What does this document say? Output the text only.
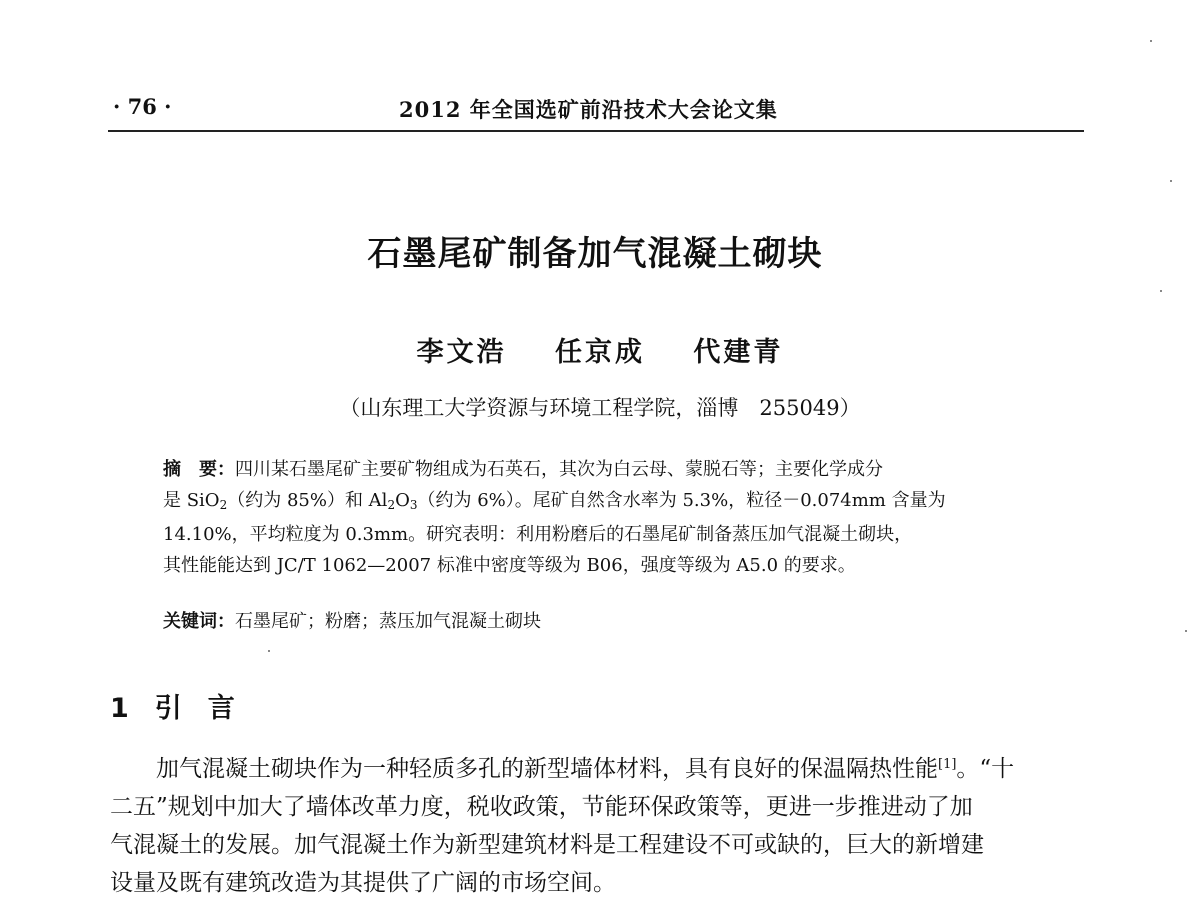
· 76 ·	2012 年全国选矿前沿技术大会论文集
石墨尾矿制备加气混凝土砌块
李文浩 任京成 代建青
（山东理工大学资源与环境工程学院，淄博　255049）
摘　要：四川某石墨尾矿主要矿物组成为石英石，其次为白云母、蒙脱石等；主要化学成分
是 SiO$_2$（约为 85%）和 $Al_2O_3$（约为 6%）。尾矿自然含水率为 5.3%，粒径－0.074mm 含量为
14.10%，平均粒度为 0.3mm。研究表明：利用粉磨后的石墨尾矿制备蒸压加气混凝土砌块，
其性能能达到 JC/T 1062—2007 标准中密度等级为 B06，强度等级为 A5.0 的要求。
关键词：石墨尾矿；粉磨；蒸压加气混凝土砌块
1 引言
加气混凝土砌块作为一种轻质多孔的新型墙体材料，具有良好的保温隔热性能[1]。“十
二五”规划中加大了墙体改革力度，税收政策，节能环保政策等，更进一步推进动了加
气混凝土的发展。加气混凝土作为新型建筑材料是工程建设不可或缺的，巨大的新增建
设量及既有建筑改造为其提供了广阔的市场空间。
